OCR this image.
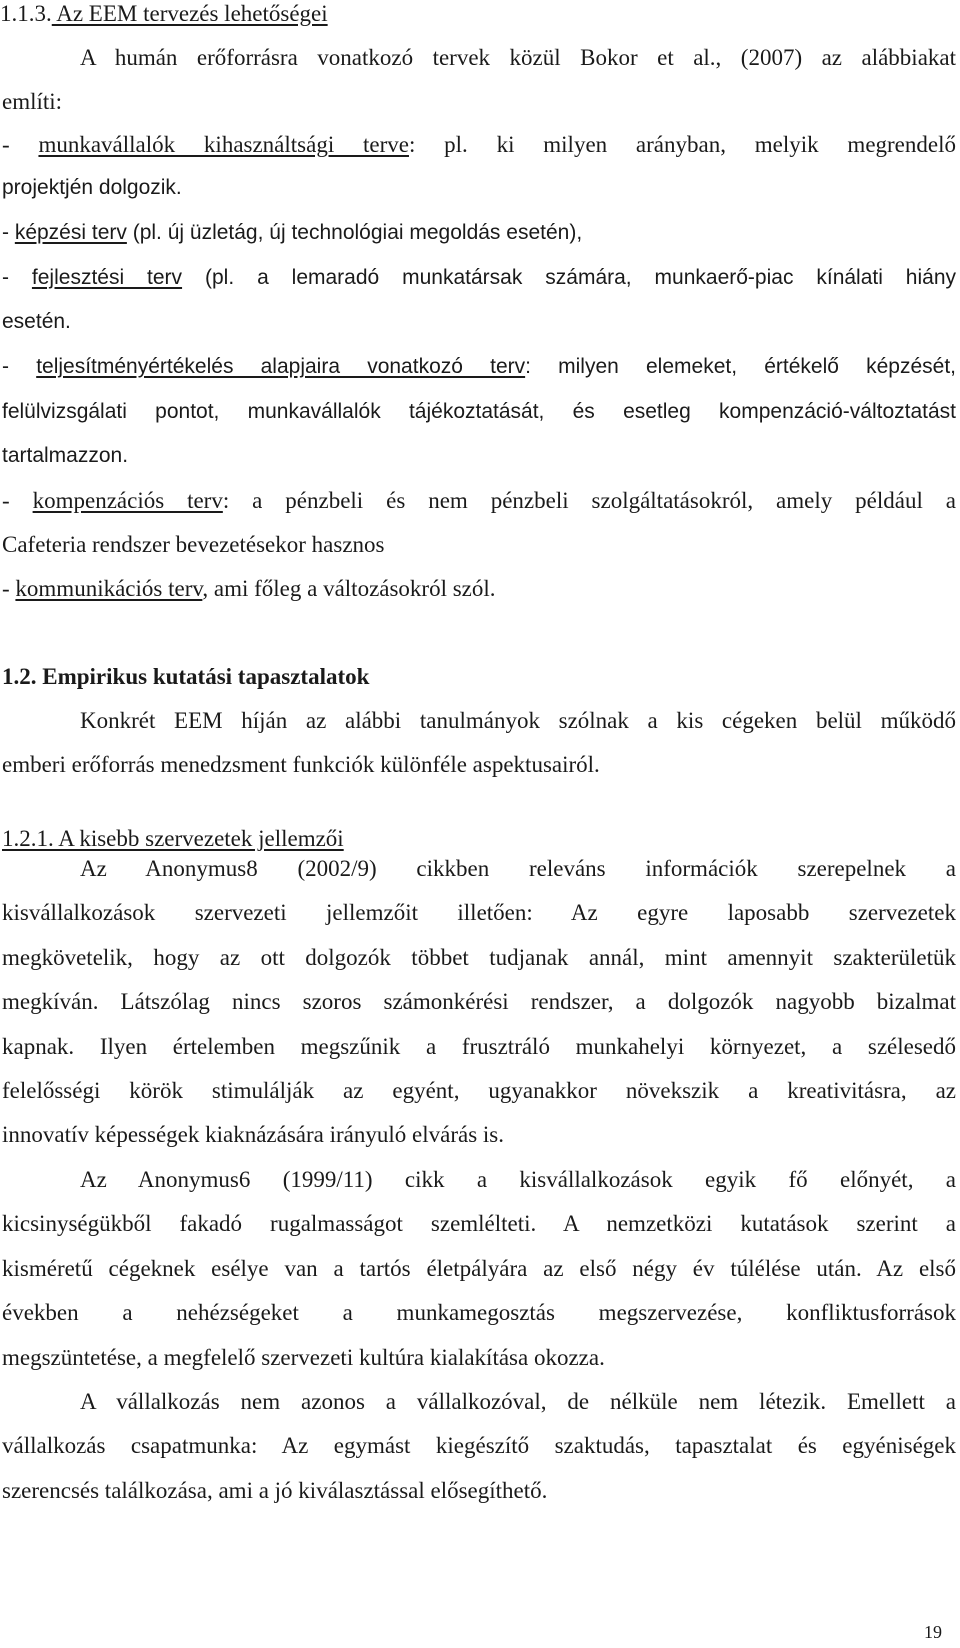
1.1.3. Az EEM tervezés lehetőségei
A humán erőforrásra vonatkozó tervek közül Bokor et al., (2007) az alábbiakat
említi:
- munkavállalók kihasználtsági terve: pl. ki milyen arányban, melyik megrendelő
projektjén dolgozik.
- képzési terv (pl. új üzletág, új technológiai megoldás esetén),
- fejlesztési terv (pl. a lemaradó munkatársak számára, munkaerő-piac kínálati hiány
esetén.
- teljesítményértékelés alapjaira vonatkozó terv: milyen elemeket, értékelő képzését,
felülvizsgálati pontot, munkavállalók tájékoztatását, és esetleg kompenzáció-változtatást
tartalmazzon.
- kompenzációs terv: a pénzbeli és nem pénzbeli szolgáltatásokról, amely például a
Cafeteria rendszer bevezetésekor hasznos
- kommunikációs terv, ami főleg a változásokról szól.
1.2. Empirikus kutatási tapasztalatok
Konkrét EEM híján az alábbi tanulmányok szólnak a kis cégeken belül működő
emberi erőforrás menedzsment funkciók különféle aspektusairól.
1.2.1. A kisebb szervezetek jellemzői
Az Anonymus8 (2002/9) cikkben releváns információk szerepelnek a
kisvállalkozások szervezeti jellemzőit illetően: Az egyre laposabb szervezetek
megkövetelik, hogy az ott dolgozók többet tudjanak annál, mint amennyit szakterületük
megkíván. Látszólag nincs szoros számonkérési rendszer, a dolgozók nagyobb bizalmat
kapnak. Ilyen értelemben megszűnik a frusztráló munkahelyi környezet, a szélesedő
felelősségi körök stimulálják az egyént, ugyanakkor növekszik a kreativitásra, az
innovatív képességek kiaknázására irányuló elvárás is.
Az Anonymus6 (1999/11) cikk a kisvállalkozások egyik fő előnyét, a
kicsinységükből fakadó rugalmasságot szemlélteti. A nemzetközi kutatások szerint a
kisméretű cégeknek esélye van a tartós életpályára az első négy év túlélése után. Az első
években a nehézségeket a munkamegosztás megszervezése, konfliktusforrások
megszüntetése, a megfelelő szervezeti kultúra kialakítása okozza.
A vállalkozás nem azonos a vállalkozóval, de nélküle nem létezik. Emellett a
vállalkozás csapatmunka: Az egymást kiegészítő szaktudás, tapasztalat és egyéniségek
szerencsés találkozása, ami a jó kiválasztással elősegíthető.
19
